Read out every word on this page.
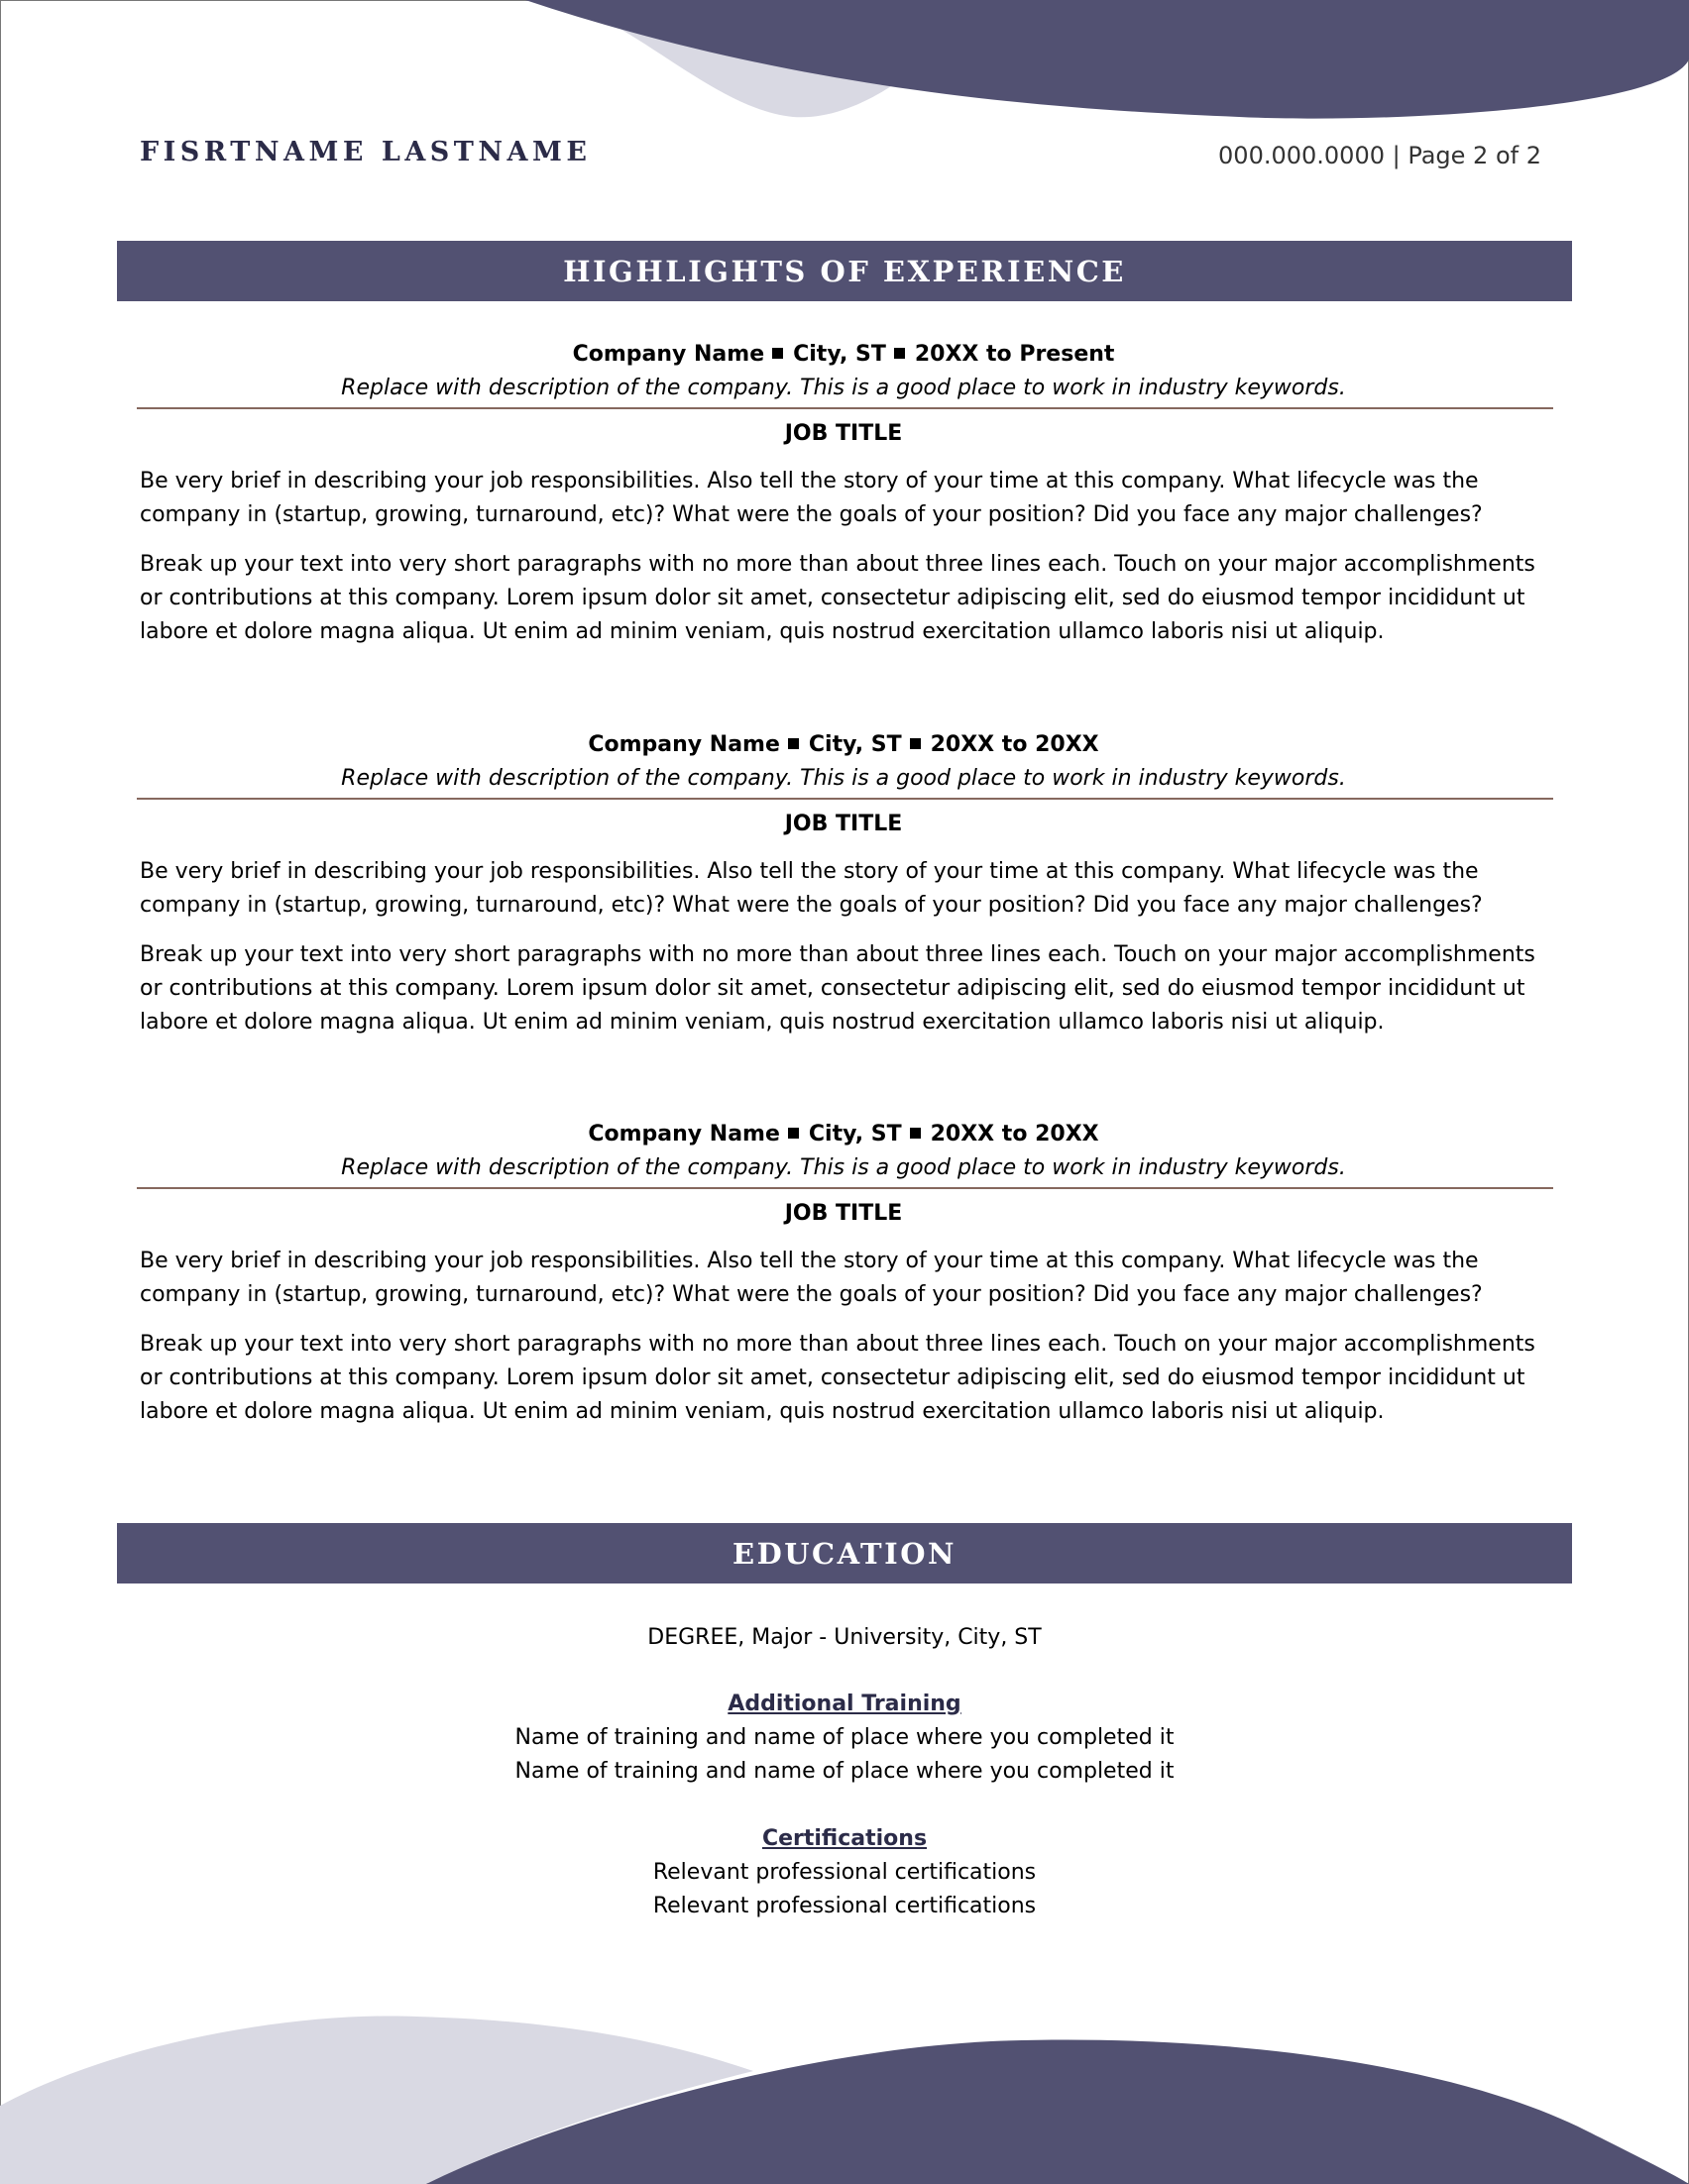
FISRTNAME LASTNAME	000.000.0000 | Page 2 of 2
HIGHLIGHTS OF EXPERIENCE
Company Name City, ST 20XX to Present
Replace with description of the company. This is a good place to work in industry keywords.
JOB TITLE
Be very brief in describing your job responsibilities. Also tell the story of your time at this company. What lifecycle was the company in (startup, growing, turnaround, etc)? What were the goals of your position? Did you face any major challenges?
Break up your text into very short paragraphs with no more than about three lines each. Touch on your major accomplishments or contributions at this company. Lorem ipsum dolor sit amet, consectetur adipiscing elit, sed do eiusmod tempor incididunt ut labore et dolore magna aliqua. Ut enim ad minim veniam, quis nostrud exercitation ullamco laboris nisi ut aliquip.
Company Name City, ST 20XX to 20XX
Replace with description of the company. This is a good place to work in industry keywords.
JOB TITLE
Be very brief in describing your job responsibilities. Also tell the story of your time at this company. What lifecycle was the company in (startup, growing, turnaround, etc)? What were the goals of your position? Did you face any major challenges?
Break up your text into very short paragraphs with no more than about three lines each. Touch on your major accomplishments or contributions at this company. Lorem ipsum dolor sit amet, consectetur adipiscing elit, sed do eiusmod tempor incididunt ut labore et dolore magna aliqua. Ut enim ad minim veniam, quis nostrud exercitation ullamco laboris nisi ut aliquip.
Company Name City, ST 20XX to 20XX
Replace with description of the company. This is a good place to work in industry keywords.
JOB TITLE
Be very brief in describing your job responsibilities. Also tell the story of your time at this company. What lifecycle was the company in (startup, growing, turnaround, etc)? What were the goals of your position? Did you face any major challenges?
Break up your text into very short paragraphs with no more than about three lines each. Touch on your major accomplishments or contributions at this company. Lorem ipsum dolor sit amet, consectetur adipiscing elit, sed do eiusmod tempor incididunt ut labore et dolore magna aliqua. Ut enim ad minim veniam, quis nostrud exercitation ullamco laboris nisi ut aliquip.
EDUCATION
DEGREE, Major - University, City, ST
Additional Training
Name of training and name of place where you completed it
Name of training and name of place where you completed it
Certifications
Relevant professional certifications
Relevant professional certifications
